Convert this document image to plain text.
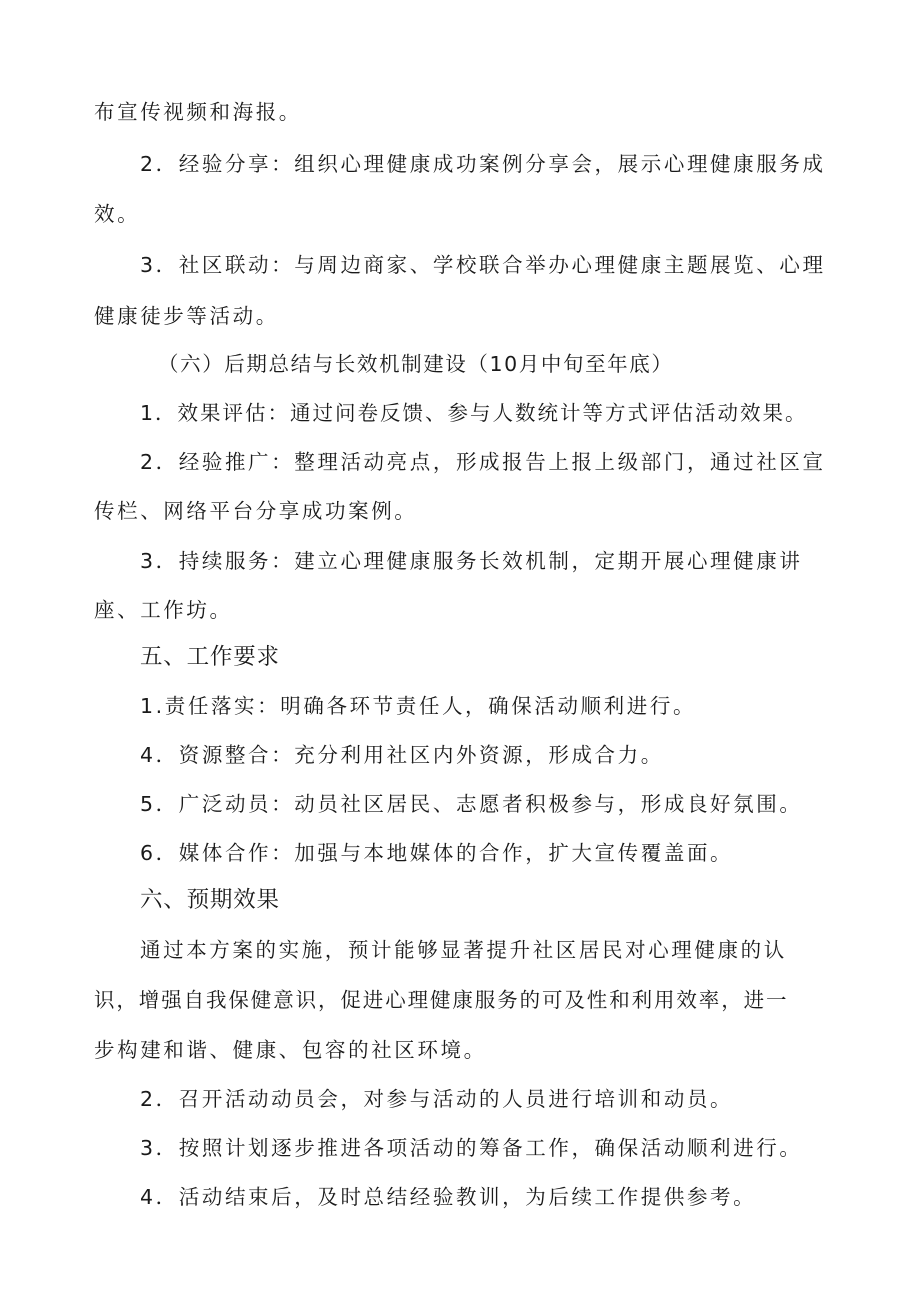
布宣传视频和海报。
2．经验分享：组织心理健康成功案例分享会，展示心理健康服务成
效。
3．社区联动：与周边商家、学校联合举办心理健康主题展览、心理
健康徒步等活动。
（六）后期总结与长效机制建设（10月中旬至年底）
1．效果评估：通过问卷反馈、参与人数统计等方式评估活动效果。
2．经验推广：整理活动亮点，形成报告上报上级部门，通过社区宣
传栏、网络平台分享成功案例。
3．持续服务：建立心理健康服务长效机制，定期开展心理健康讲
座、工作坊。
五、工作要求
1.责任落实：明确各环节责任人，确保活动顺利进行。
4．资源整合：充分利用社区内外资源，形成合力。
5．广泛动员：动员社区居民、志愿者积极参与，形成良好氛围。
6．媒体合作：加强与本地媒体的合作，扩大宣传覆盖面。
六、预期效果
通过本方案的实施，预计能够显著提升社区居民对心理健康的认
识，增强自我保健意识，促进心理健康服务的可及性和利用效率，进一
步构建和谐、健康、包容的社区环境。
2．召开活动动员会，对参与活动的人员进行培训和动员。
3．按照计划逐步推进各项活动的筹备工作，确保活动顺利进行。
4．活动结束后，及时总结经验教训，为后续工作提供参考。
